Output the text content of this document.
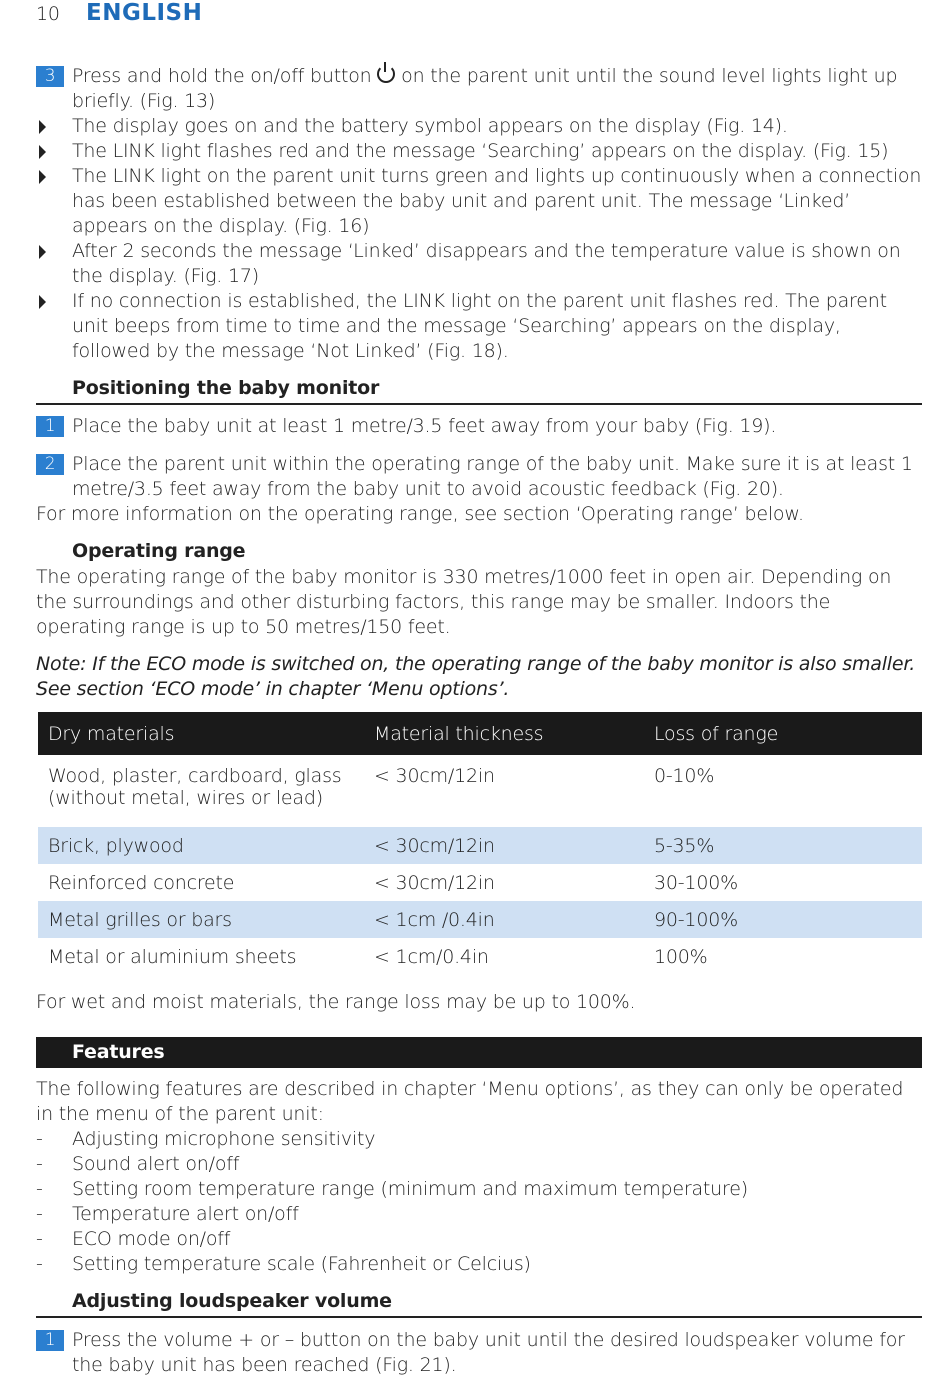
10 ENGLISH
3 Press and hold the on/off button  on the parent unit until the sound level lights light up briefly. (Fig. 13)
The display goes on and the battery symbol appears on the display (Fig. 14).
The LINK light flashes red and the message ‘Searching’ appears on the display. (Fig. 15)
The LINK light on the parent unit turns green and lights up continuously when a connection has been established between the baby unit and parent unit. The message ‘Linked’ appears on the display. (Fig. 16)
After 2 seconds the message ‘Linked’ disappears and the temperature value is shown on the display. (Fig. 17)
If no connection is established, the LINK light on the parent unit flashes red. The parent unit beeps from time to time and the message ‘Searching’ appears on the display, followed by the message ‘Not Linked’ (Fig. 18).
Positioning the baby monitor
1 Place the baby unit at least 1 metre/3.5 feet away from your baby (Fig. 19).
2 Place the parent unit within the operating range of the baby unit. Make sure it is at least 1 metre/3.5 feet away from the baby unit to avoid acoustic feedback (Fig. 20).
For more information on the operating range, see section ‘Operating range’ below.
Operating range
The operating range of the baby monitor is 330 metres/1000 feet in open air. Depending on the surroundings and other disturbing factors, this range may be smaller. Indoors the operating range is up to 50 metres/150 feet.
Note: If the ECO mode is switched on, the operating range of the baby monitor is also smaller. See section ‘ECO mode’ in chapter ‘Menu options’.
Dry materials	Material thickness	Loss of range
Wood, plaster, cardboard, glass (without metal, wires or lead)	< 30cm/12in	0-10%
Brick, plywood	< 30cm/12in	5-35%
Reinforced concrete	< 30cm/12in	30-100%
Metal grilles or bars	< 1cm /0.4in	90-100%
Metal or aluminium sheets	< 1cm/0.4in	100%
For wet and moist materials, the range loss may be up to 100%.
Features
The following features are described in chapter ‘Menu options’, as they can only be operated in the menu of the parent unit:
- Adjusting microphone sensitivity
- Sound alert on/off
- Setting room temperature range (minimum and maximum temperature)
- Temperature alert on/off
- ECO mode on/off
- Setting temperature scale (Fahrenheit or Celcius)
Adjusting loudspeaker volume
1 Press the volume + or – button on the baby unit until the desired loudspeaker volume for the baby unit has been reached (Fig. 21).
